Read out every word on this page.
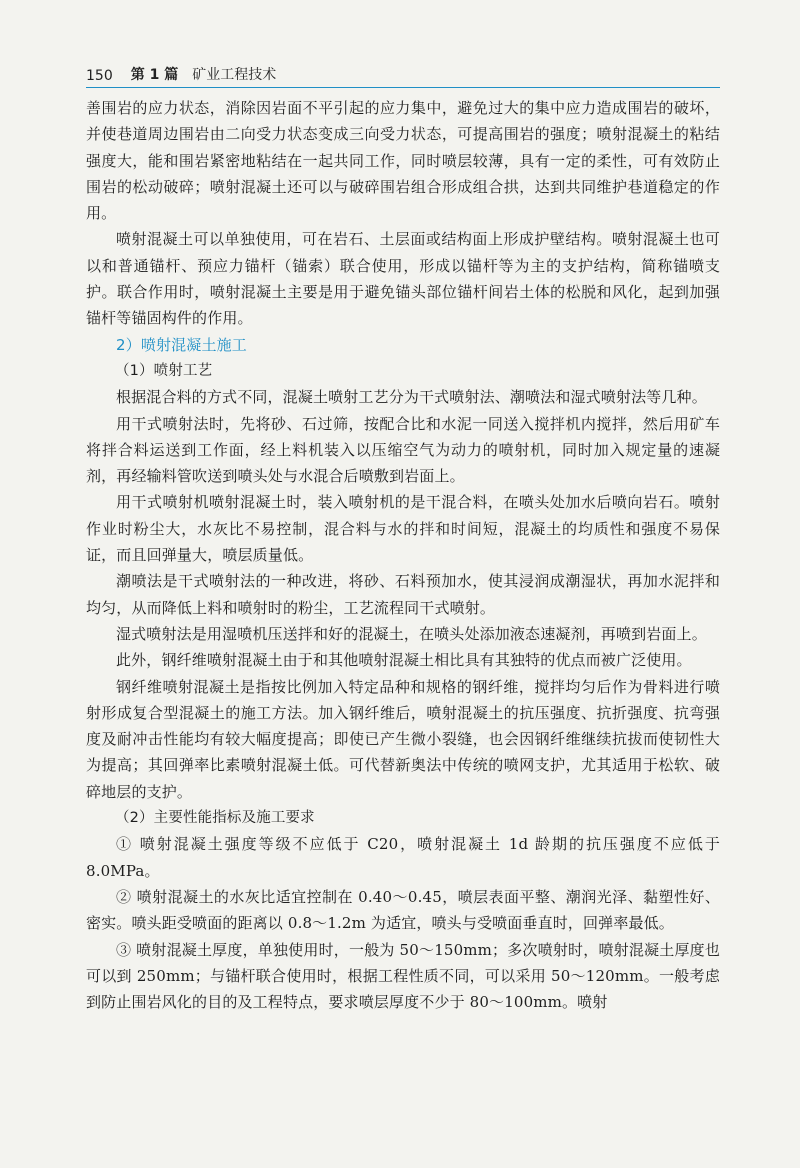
150 第 1 篇 矿业工程技术

善围岩的应力状态，消除因岩面不平引起的应力集中，避免过大的集中应力造成围岩的破坏，并使巷道周边围岩由二向受力状态变成三向受力状态，可提高围岩的强度；喷射混凝土的粘结强度大，能和围岩紧密地粘结在一起共同工作，同时喷层较薄，具有一定的柔性，可有效防止围岩的松动破碎；喷射混凝土还可以与破碎围岩组合形成组合拱，达到共同维护巷道稳定的作用。

喷射混凝土可以单独使用，可在岩石、土层面或结构面上形成护壁结构。喷射混凝土也可以和普通锚杆、预应力锚杆（锚索）联合使用，形成以锚杆等为主的支护结构，简称锚喷支护。联合作用时，喷射混凝土主要是用于避免锚头部位锚杆间岩土体的松脱和风化，起到加强锚杆等锚固构件的作用。

2）喷射混凝土施工

（1）喷射工艺

根据混合料的方式不同，混凝土喷射工艺分为干式喷射法、潮喷法和湿式喷射法等几种。

用干式喷射法时，先将砂、石过筛，按配合比和水泥一同送入搅拌机内搅拌，然后用矿车将拌合料运送到工作面，经上料机装入以压缩空气为动力的喷射机，同时加入规定量的速凝剂，再经输料管吹送到喷头处与水混合后喷敷到岩面上。

用干式喷射机喷射混凝土时，装入喷射机的是干混合料，在喷头处加水后喷向岩石。喷射作业时粉尘大，水灰比不易控制，混合料与水的拌和时间短，混凝土的均质性和强度不易保证，而且回弹量大，喷层质量低。

潮喷法是干式喷射法的一种改进，将砂、石料预加水，使其浸润成潮湿状，再加水泥拌和均匀，从而降低上料和喷射时的粉尘，工艺流程同干式喷射。

湿式喷射法是用湿喷机压送拌和好的混凝土，在喷头处添加液态速凝剂，再喷到岩面上。

此外，钢纤维喷射混凝土由于和其他喷射混凝土相比具有其独特的优点而被广泛使用。

钢纤维喷射混凝土是指按比例加入特定品种和规格的钢纤维，搅拌均匀后作为骨料进行喷射形成复合型混凝土的施工方法。加入钢纤维后，喷射混凝土的抗压强度、抗折强度、抗弯强度及耐冲击性能均有较大幅度提高；即使已产生微小裂缝，也会因钢纤维继续抗拔而使韧性大为提高；其回弹率比素喷射混凝土低。可代替新奥法中传统的喷网支护，尤其适用于松软、破碎地层的支护。

（2）主要性能指标及施工要求

① 喷射混凝土强度等级不应低于 C20，喷射混凝土 1d 龄期的抗压强度不应低于 8.0MPa。

② 喷射混凝土的水灰比适宜控制在 0.40～0.45，喷层表面平整、潮润光泽、黏塑性好、密实。喷头距受喷面的距离以 0.8～1.2m 为适宜，喷头与受喷面垂直时，回弹率最低。

③ 喷射混凝土厚度，单独使用时，一般为 50～150mm；多次喷射时，喷射混凝土厚度也可以到 250mm；与锚杆联合使用时，根据工程性质不同，可以采用 50～120mm。一般考虑到防止围岩风化的目的及工程特点，要求喷层厚度不少于 80～100mm。喷射
